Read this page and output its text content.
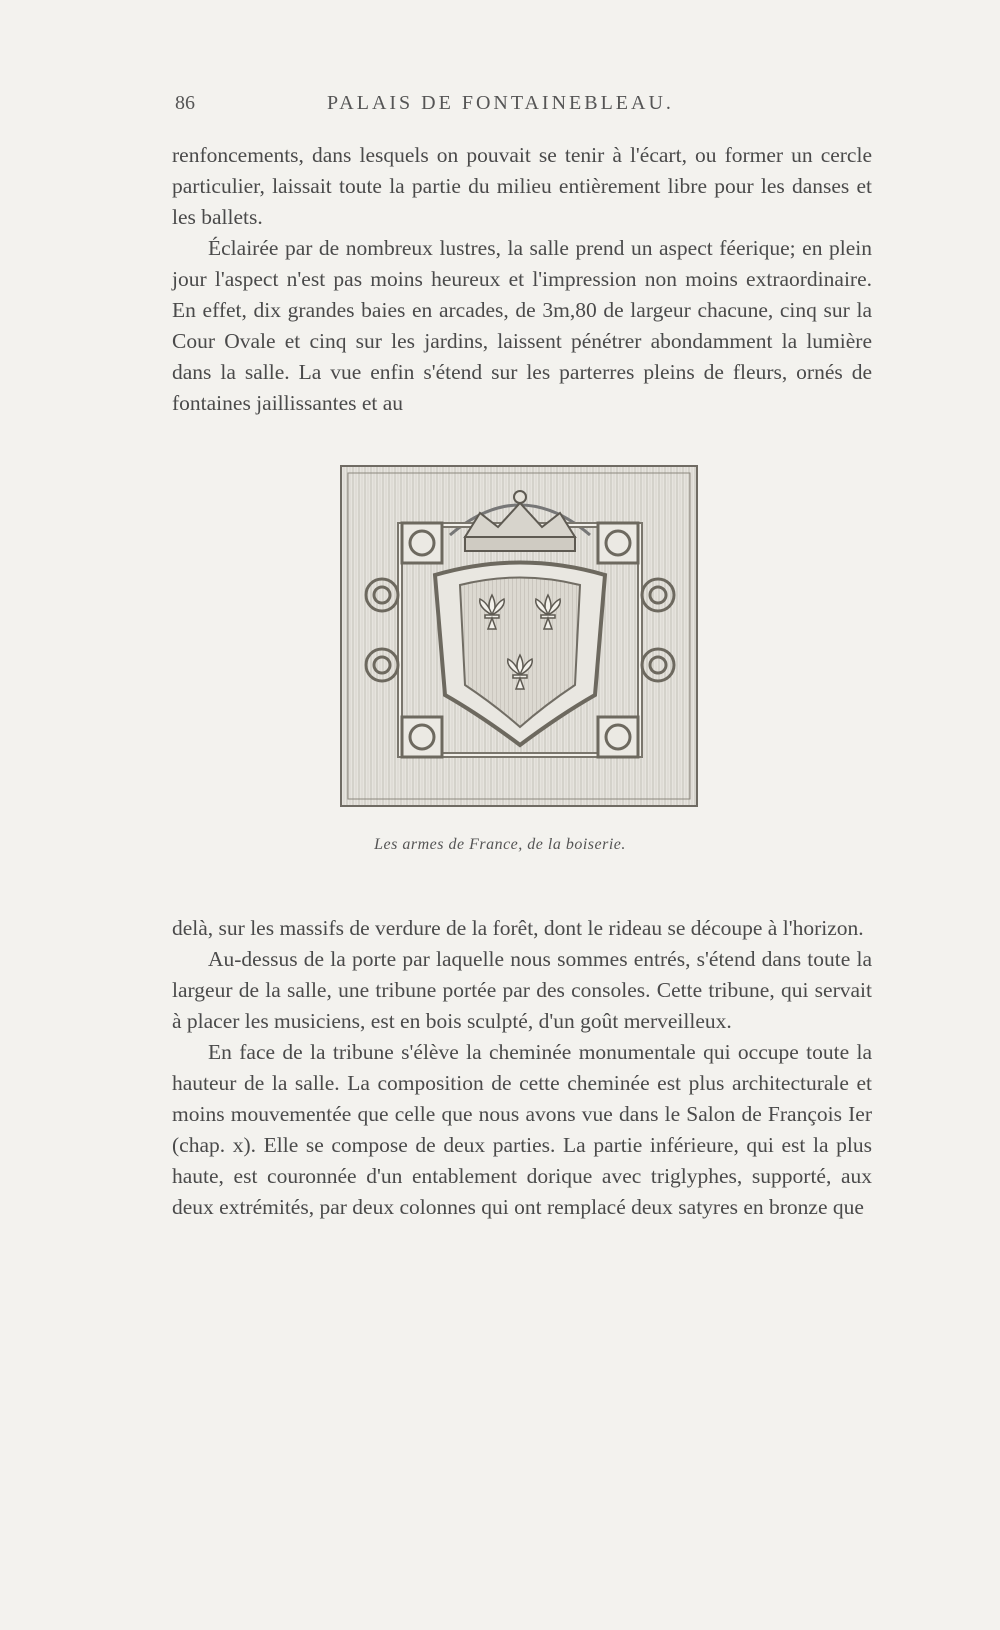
86	PALAIS DE FONTAINEBLEAU.

renfoncements, dans lesquels on pouvait se tenir à l'écart, ou former un cercle particulier, laissait toute la partie du milieu entièrement libre pour les danses et les ballets.

Éclairée par de nombreux lustres, la salle prend un aspect féerique; en plein jour l'aspect n'est pas moins heureux et l'impression non moins extraordinaire. En effet, dix grandes baies en arcades, de 3m,80 de largeur chacune, cinq sur la Cour Ovale et cinq sur les jardins, laissent pénétrer abondamment la lumière dans la salle. La vue enfin s'étend sur les parterres pleins de fleurs, ornés de fontaines jaillissantes et au

Les armes de France, de la boiserie.

delà, sur les massifs de verdure de la forêt, dont le rideau se découpe à l'horizon.

Au-dessus de la porte par laquelle nous sommes entrés, s'étend dans toute la largeur de la salle, une tribune portée par des consoles. Cette tribune, qui servait à placer les musiciens, est en bois sculpté, d'un goût merveilleux.

En face de la tribune s'élève la cheminée monumentale qui occupe toute la hauteur de la salle. La composition de cette cheminée est plus architecturale et moins mouvementée que celle que nous avons vue dans le Salon de François Ier (chap. x). Elle se compose de deux parties. La partie inférieure, qui est la plus haute, est couronnée d'un entablement dorique avec triglyphes, supporté, aux deux extrémités, par deux colonnes qui ont remplacé deux satyres en bronze que
